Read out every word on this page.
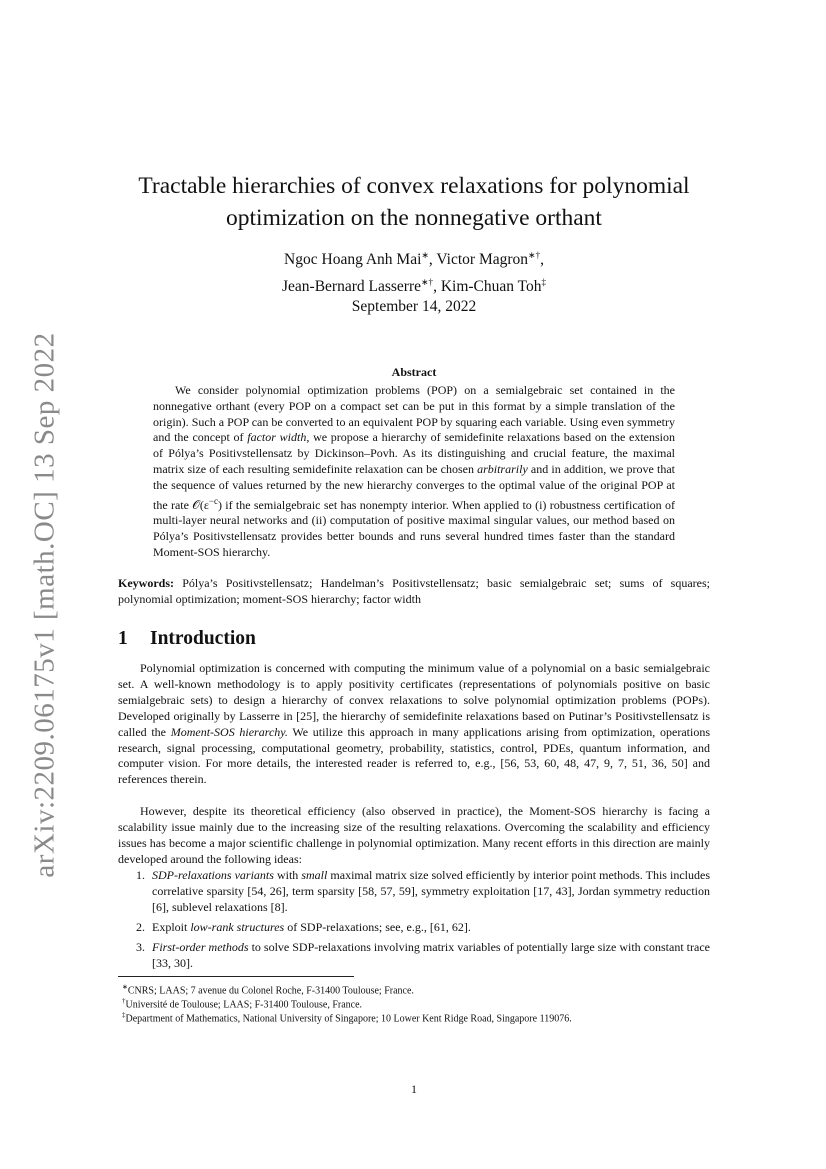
arXiv:2209.06175v1 [math.OC] 13 Sep 2022
Tractable hierarchies of convex relaxations for polynomial
optimization on the nonnegative orthant
Ngoc Hoang Anh Mai∗, Victor Magron∗†,
Jean-Bernard Lasserre∗†, Kim-Chuan Toh‡
September 14, 2022
Abstract

We consider polynomial optimization problems (POP) on a semialgebraic set contained in the nonnegative orthant (every POP on a compact set can be put in this format by a simple translation of the origin). Such a POP can be converted to an equivalent POP by squaring each variable. Using even symmetry and the concept of factor width, we propose a hierarchy of semidefinite relaxations based on the extension of Pólya’s Positivstellensatz by Dickinson–Povh. As its distinguishing and crucial feature, the maximal matrix size of each resulting semidefinite relaxation can be chosen arbitrarily and in addition, we prove that the sequence of values returned by the new hierarchy converges to the optimal value of the original POP at the rate $𝒪(\varepsilon^{-c})$ if the semialgebraic set has nonempty interior. When applied to (i) robustness certification of multi-layer neural networks and (ii) computation of positive maximal singular values, our method based on Pólya’s Positivstellensatz provides better bounds and runs several hundred times faster than the standard Moment-SOS hierarchy.

Keywords: Pólya’s Positivstellensatz; Handelman’s Positivstellensatz; basic semialgebraic set; sums of squares; polynomial optimization; moment-SOS hierarchy; factor width

1 Introduction

Polynomial optimization is concerned with computing the minimum value of a polynomial on a basic semialgebraic set. A well-known methodology is to apply positivity certificates (representations of polynomials positive on basic semialgebraic sets) to design a hierarchy of convex relaxations to solve polynomial optimization problems (POPs). Developed originally by Lasserre in [25], the hierarchy of semidefinite relaxations based on Putinar’s Positivstellensatz is called the Moment-SOS hierarchy. We utilize this approach in many applications arising from optimization, operations research, signal processing, computational geometry, probability, statistics, control, PDEs, quantum information, and computer vision. For more details, the interested reader is referred to, e.g., [56, 53, 60, 48, 47, 9, 7, 51, 36, 50] and references therein.

However, despite its theoretical efficiency (also observed in practice), the Moment-SOS hierarchy is facing a scalability issue mainly due to the increasing size of the resulting relaxations. Overcoming the scalability and efficiency issues has become a major scientific challenge in polynomial optimization. Many recent efforts in this direction are mainly developed around the following ideas:

1. SDP-relaxations variants with small maximal matrix size solved efficiently by interior point methods. This includes correlative sparsity [54, 26], term sparsity [58, 57, 59], symmetry exploitation [17, 43], Jordan symmetry reduction [6], sublevel relaxations [8].

2. Exploit low-rank structures of SDP-relaxations; see, e.g., [61, 62].

3. First-order methods to solve SDP-relaxations involving matrix variables of potentially large size with constant trace [33, 30].

∗CNRS; LAAS; 7 avenue du Colonel Roche, F-31400 Toulouse; France.

†Université de Toulouse; LAAS; F-31400 Toulouse, France.

‡Department of Mathematics, National University of Singapore; 10 Lower Kent Ridge Road, Singapore 119076.

1
